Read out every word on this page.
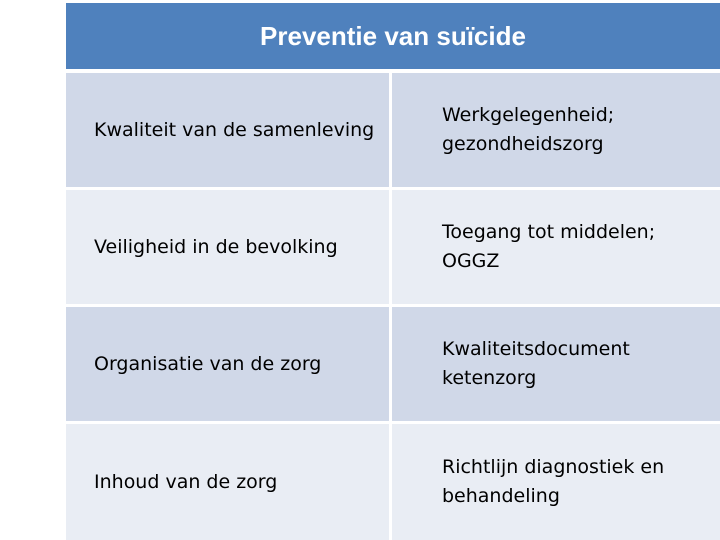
Preventie van suïcide
Kwaliteit van de samenleving
Werkgelegenheid;
gezondheidszorg
Veiligheid in de bevolking
Toegang tot middelen;
OGGZ
Organisatie van de zorg
Kwaliteitsdocument
ketenzorg
Inhoud van de zorg
Richtlijn diagnostiek en
behandeling
